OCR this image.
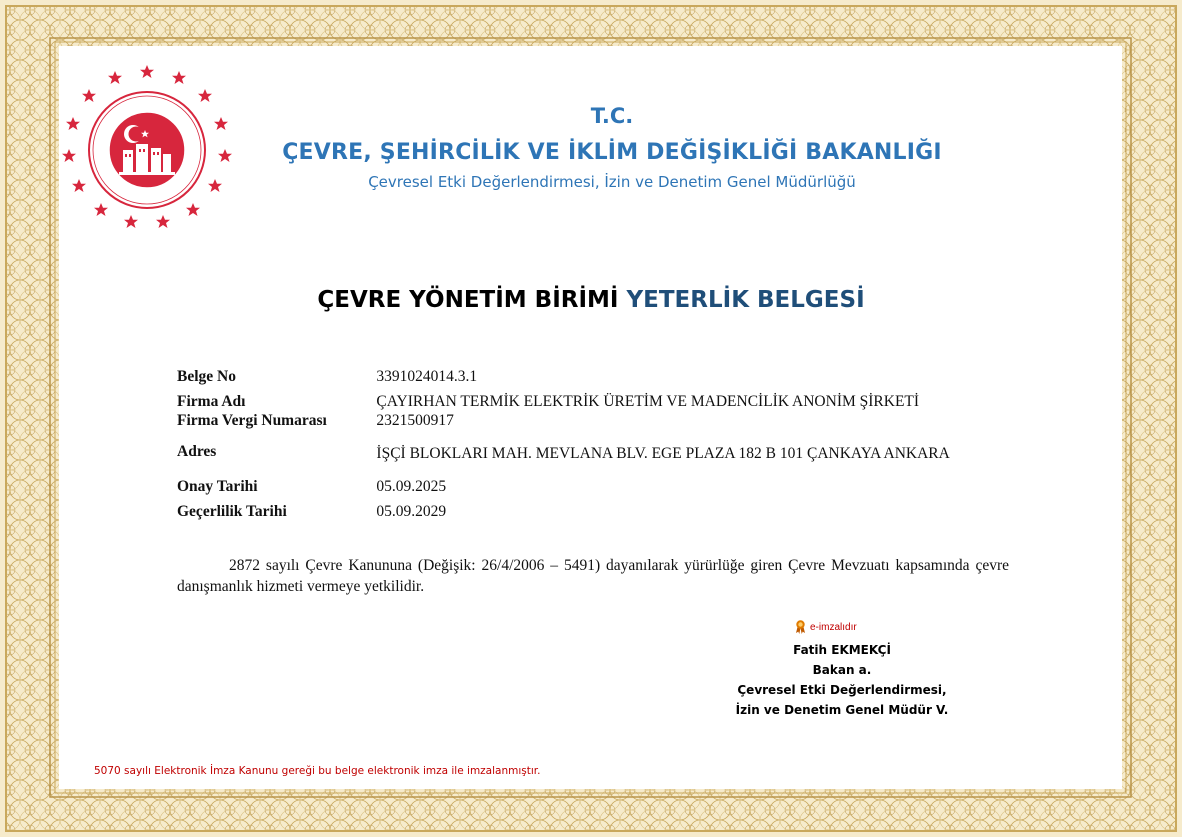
T.C.
ÇEVRE, ŞEHİRCİLİK VE İKLİM DEĞİŞİKLİĞİ BAKANLIĞI
Çevresel Etki Değerlendirmesi, İzin ve Denetim Genel Müdürlüğü
ÇEVRE YÖNETİM BİRİMİ YETERLİK BELGESİ
Belge No	3391024014.3.1

Firma Adı	ÇAYIRHAN TERMİK ELEKTRİK ÜRETİM VE MADENCİLİK ANONİM ŞİRKETİ
Firma Vergi Numarası	2321500917
Adres	İŞÇİ BLOKLARI MAH. MEVLANA BLV. EGE PLAZA 182 B 101 ÇANKAYA ANKARA
Onay Tarihi	05.09.2025
Geçerlilik Tarihi	05.09.2029
2872 sayılı Çevre Kanununa (Değişik: 26/4/2006 – 5491) dayanılarak yürürlüğe giren Çevre Mevzuatı kapsamında çevre danışmanlık hizmeti vermeye yetkilidir.
e-imzalıdır
Fatih EKMEKÇİ
Bakan a.
Çevresel Etki Değerlendirmesi,
İzin ve Denetim Genel Müdür V.
5070 sayılı Elektronik İmza Kanunu gereği bu belge elektronik imza ile imzalanmıştır.
